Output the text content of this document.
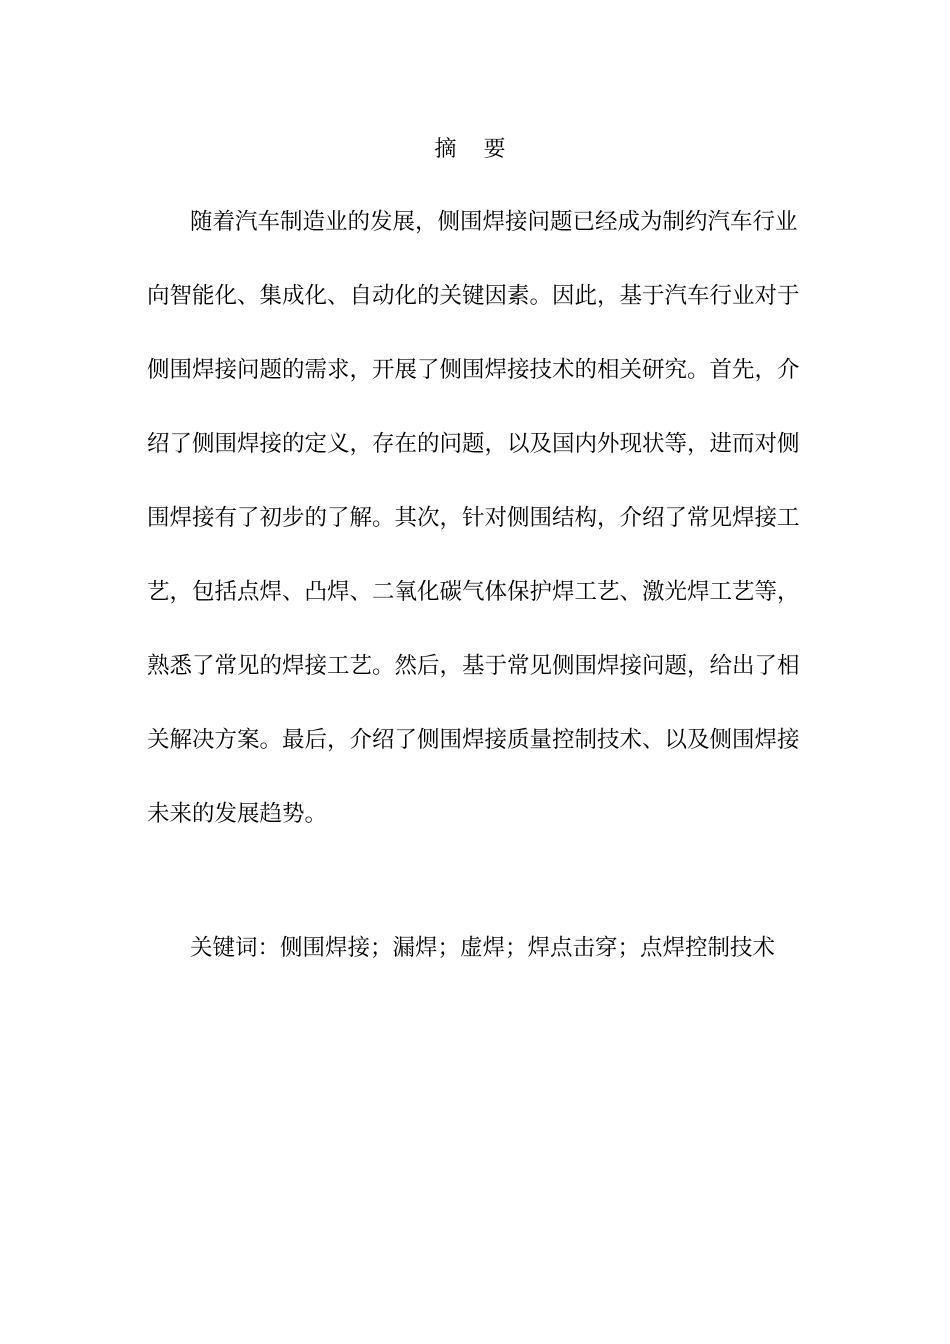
摘 要
随着汽车制造业的发展，侧围焊接问题已经成为制约汽车行业
向智能化、集成化、自动化的关键因素。因此，基于汽车行业对于
侧围焊接问题的需求，开展了侧围焊接技术的相关研究。首先，介
绍了侧围焊接的定义，存在的问题，以及国内外现状等，进而对侧
围焊接有了初步的了解。其次，针对侧围结构，介绍了常见焊接工
艺，包括点焊、凸焊、二氧化碳气体保护焊工艺、激光焊工艺等，
熟悉了常见的焊接工艺。然后，基于常见侧围焊接问题，给出了相
关解决方案。最后，介绍了侧围焊接质量控制技术、以及侧围焊接
未来的发展趋势。
关键词：侧围焊接；漏焊；虚焊；焊点击穿；点焊控制技术
